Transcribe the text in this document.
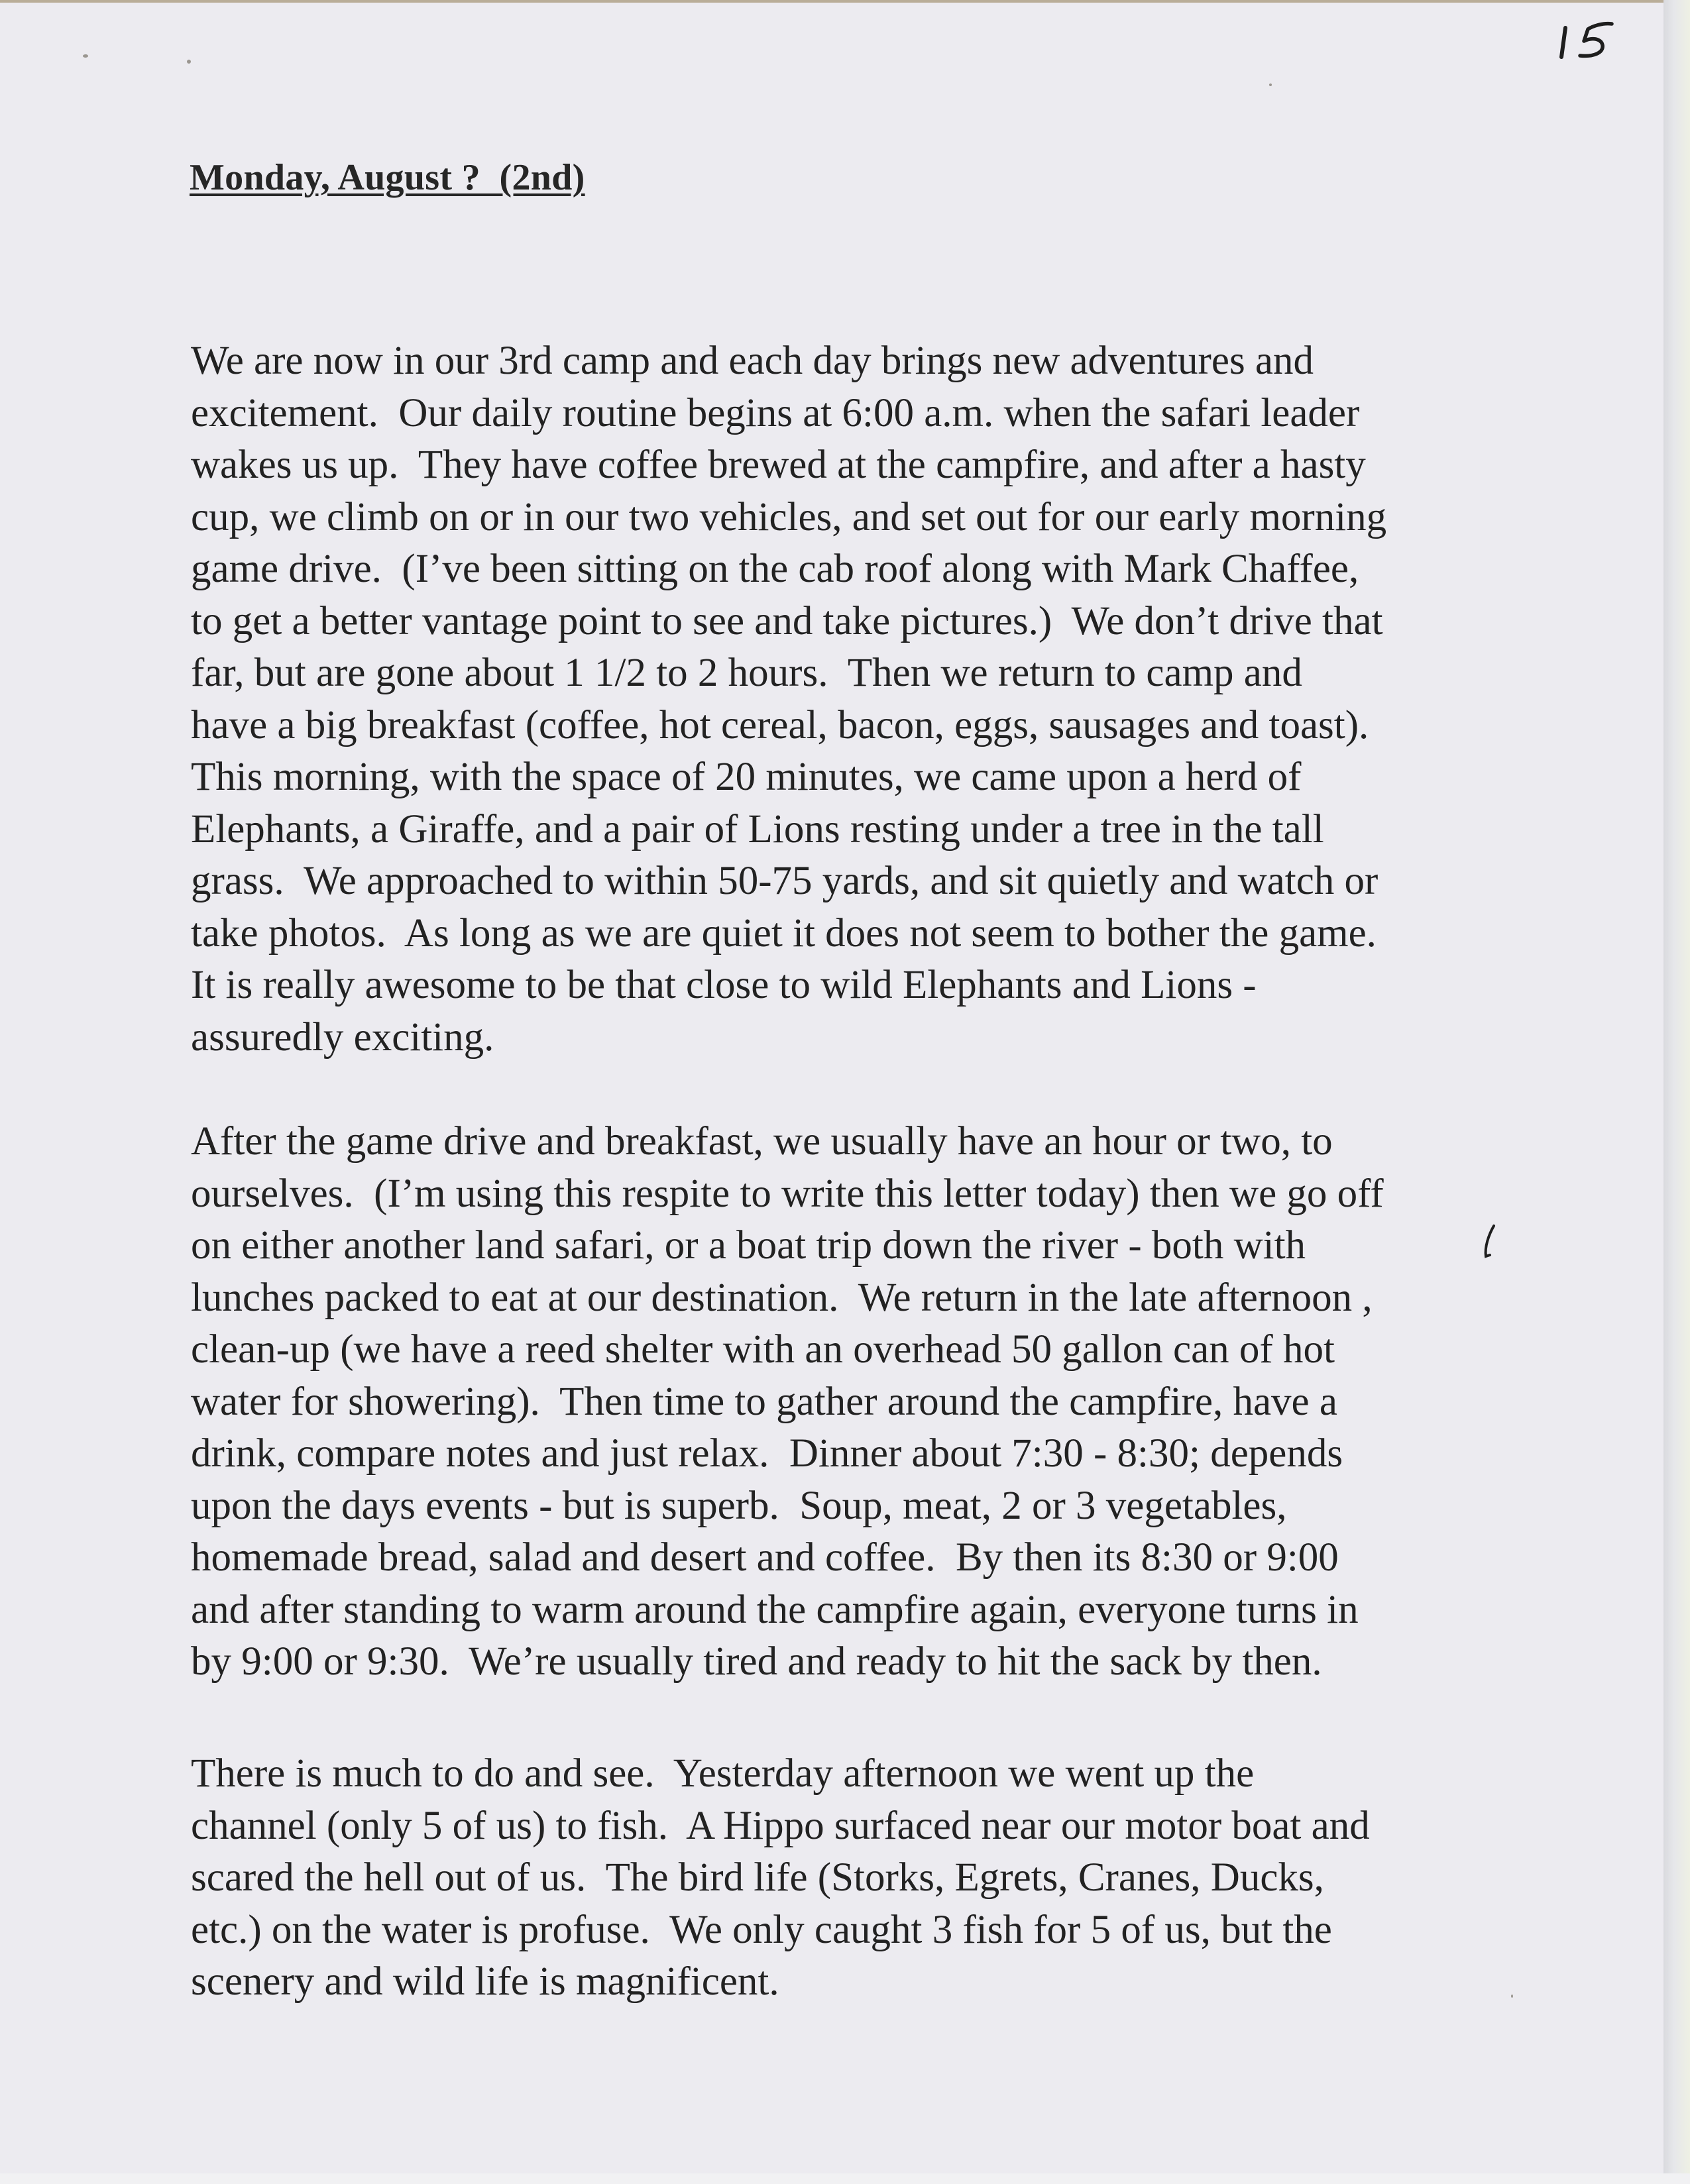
Monday, August ?  (2nd)
We are now in our 3rd camp and each day brings new adventures and
excitement.  Our daily routine begins at 6:00 a.m. when the safari leader
wakes us up.  They have coffee brewed at the campfire, and after a hasty
cup, we climb on or in our two vehicles, and set out for our early morning
game drive.  (I’ve been sitting on the cab roof along with Mark Chaffee,
to get a better vantage point to see and take pictures.)  We don’t drive that
far, but are gone about 1 1/2 to 2 hours.  Then we return to camp and
have a big breakfast (coffee, hot cereal, bacon, eggs, sausages and toast).
This morning, with the space of 20 minutes, we came upon a herd of
Elephants, a Giraffe, and a pair of Lions resting under a tree in the tall
grass.  We approached to within 50-75 yards, and sit quietly and watch or
take photos.  As long as we are quiet it does not seem to bother the game.
It is really awesome to be that close to wild Elephants and Lions -
assuredly exciting.
After the game drive and breakfast, we usually have an hour or two, to
ourselves.  (I’m using this respite to write this letter today) then we go off
on either another land safari, or a boat trip down the river - both with
lunches packed to eat at our destination.  We return in the late afternoon ,
clean-up (we have a reed shelter with an overhead 50 gallon can of hot
water for showering).  Then time to gather around the campfire, have a
drink, compare notes and just relax.  Dinner about 7:30 - 8:30; depends
upon the days events - but is superb.  Soup, meat, 2 or 3 vegetables,
homemade bread, salad and desert and coffee.  By then its 8:30 or 9:00
and after standing to warm around the campfire again, everyone turns in
by 9:00 or 9:30.  We’re usually tired and ready to hit the sack by then.
There is much to do and see.  Yesterday afternoon we went up the
channel (only 5 of us) to fish.  A Hippo surfaced near our motor boat and
scared the hell out of us.  The bird life (Storks, Egrets, Cranes, Ducks,
etc.) on the water is profuse.  We only caught 3 fish for 5 of us, but the
scenery and wild life is magnificent.
